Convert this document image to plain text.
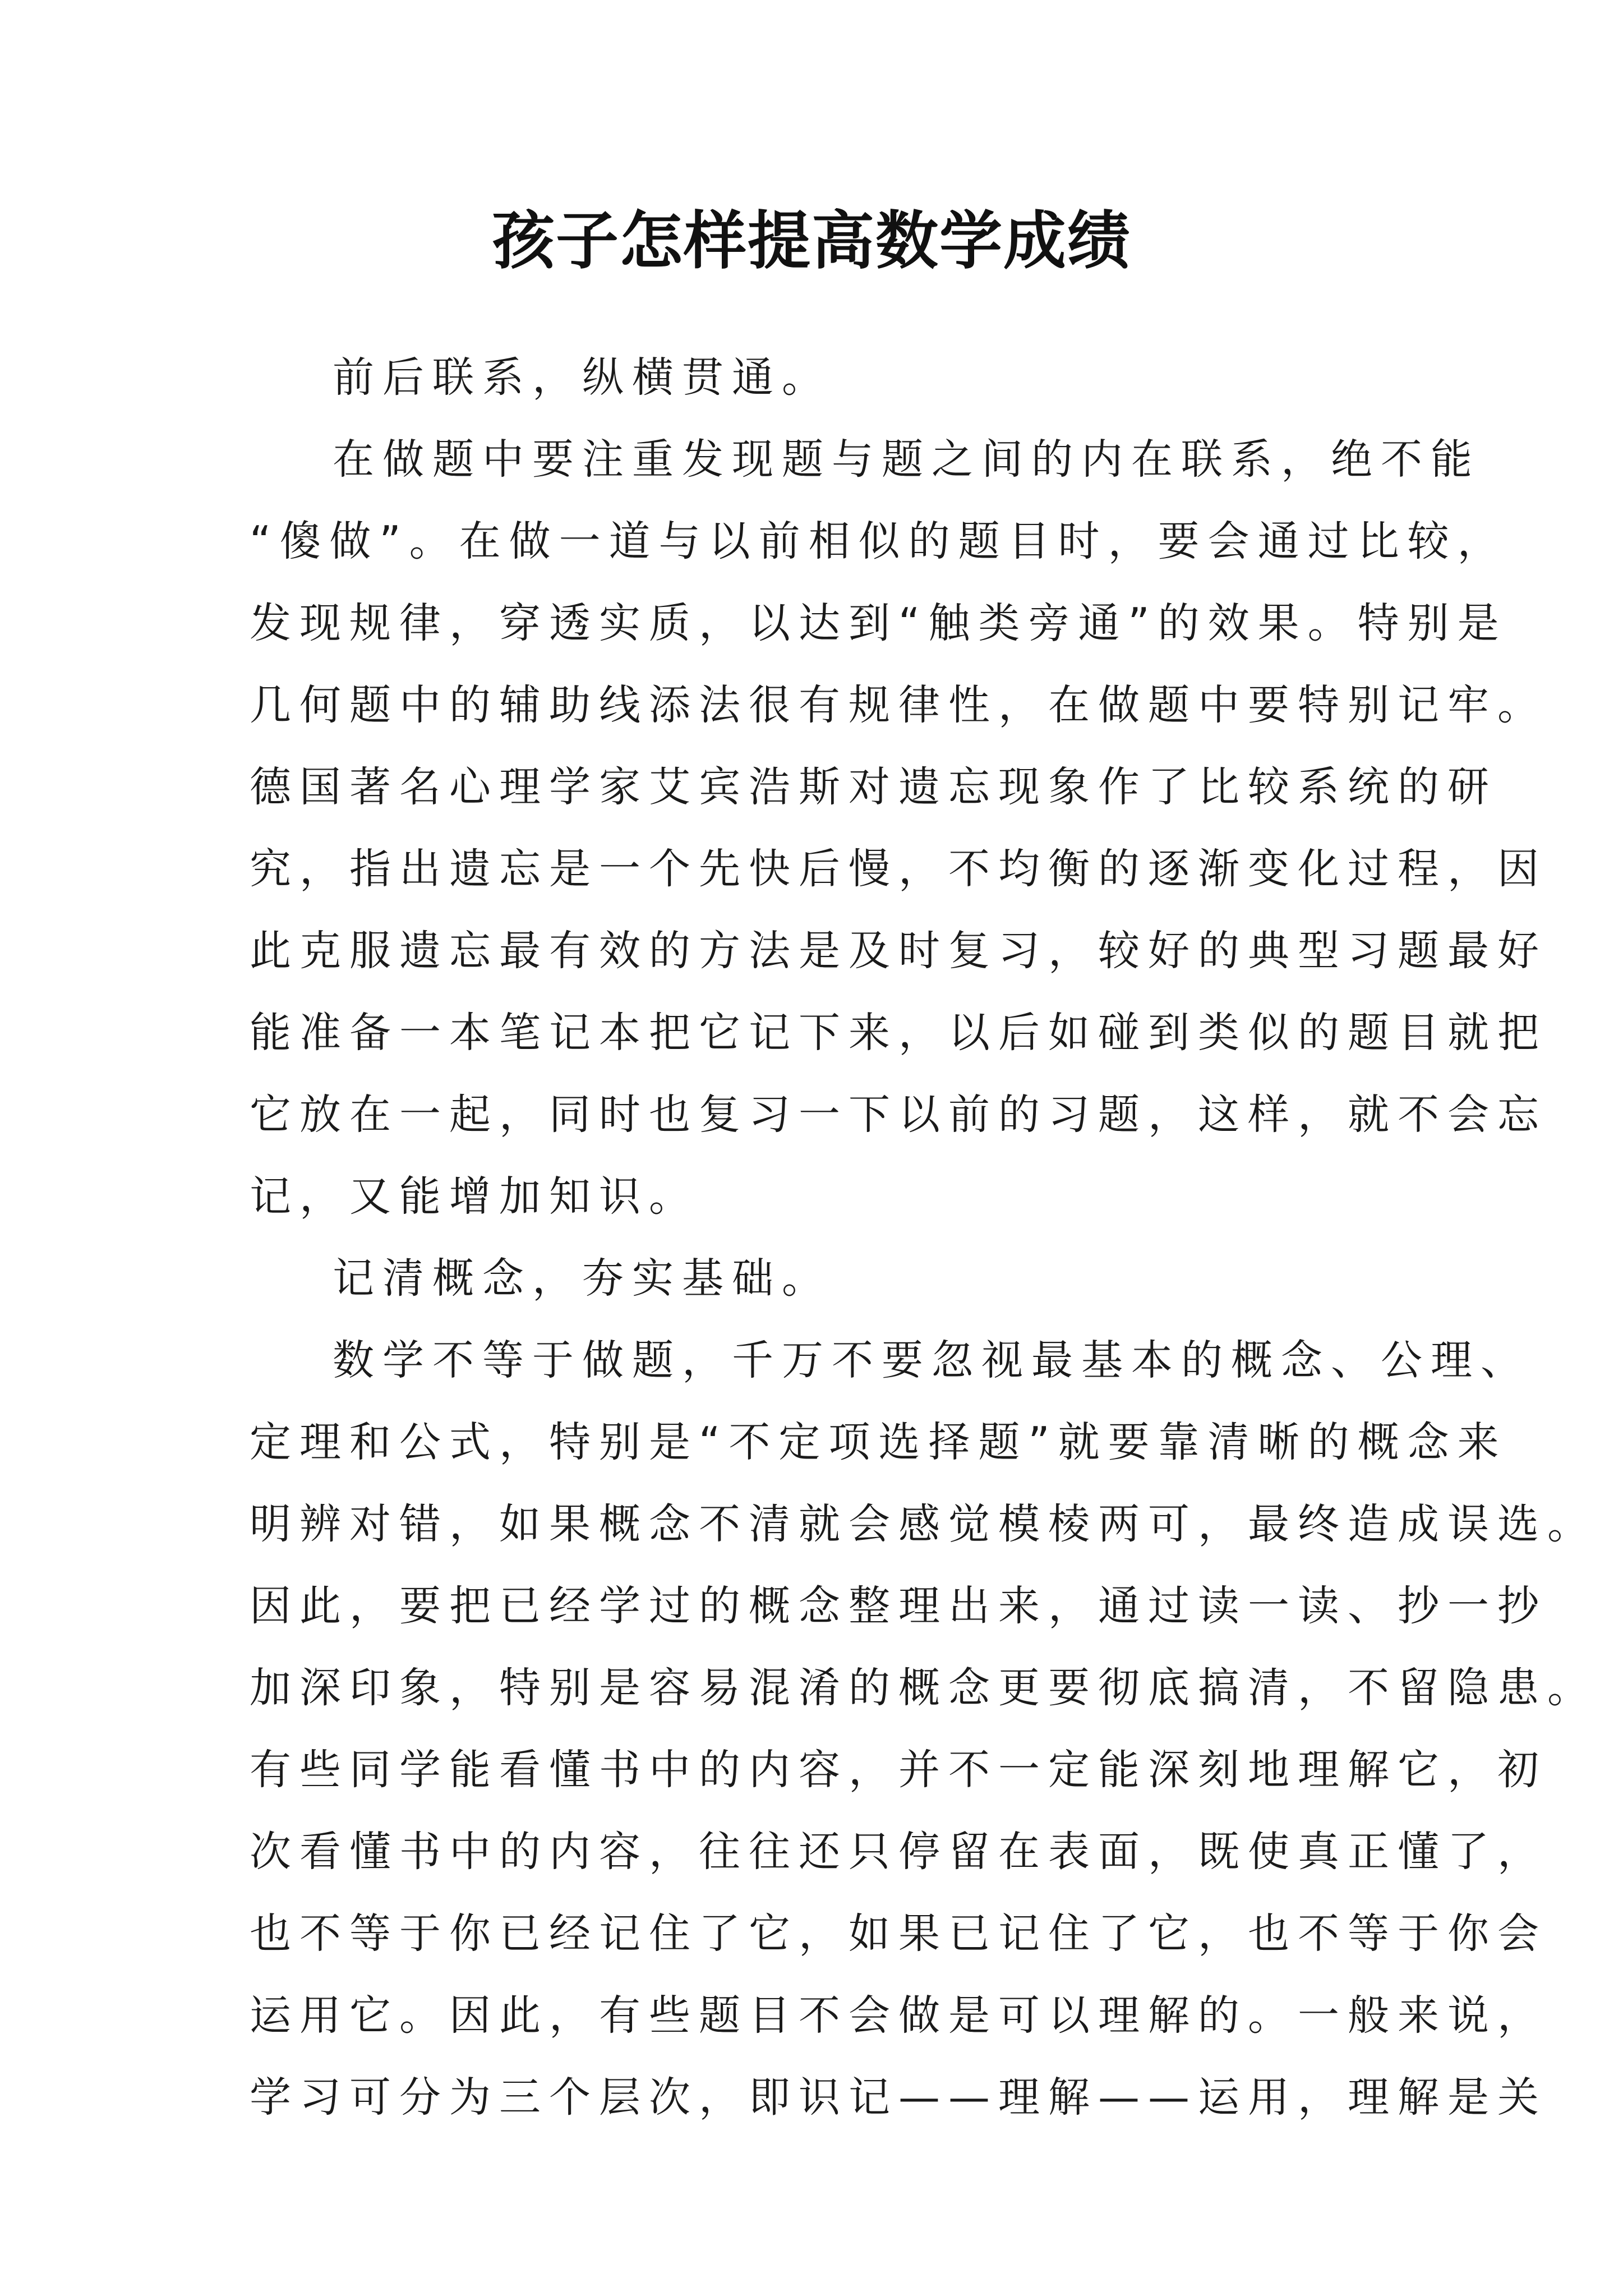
孩子怎样提高数学成绩
前后联系，纵横贯通。
在做题中要注重发现题与题之间的内在联系，绝不能
“傻做”。在做一道与以前相似的题目时，要会通过比较，
发现规律，穿透实质，以达到“触类旁通”的效果。特别是
几何题中的辅助线添法很有规律性，在做题中要特别记牢。
德国著名心理学家艾宾浩斯对遗忘现象作了比较系统的研
究，指出遗忘是一个先快后慢，不均衡的逐渐变化过程，因
此克服遗忘最有效的方法是及时复习，较好的典型习题最好
能准备一本笔记本把它记下来，以后如碰到类似的题目就把
它放在一起，同时也复习一下以前的习题，这样，就不会忘
记，又能增加知识。
记清概念，夯实基础。
数学不等于做题，千万不要忽视最基本的概念、公理、
定理和公式，特别是“不定项选择题”就要靠清晰的概念来
明辨对错，如果概念不清就会感觉模棱两可，最终造成误选。
因此，要把已经学过的概念整理出来，通过读一读、抄一抄
加深印象，特别是容易混淆的概念更要彻底搞清，不留隐患。
有些同学能看懂书中的内容，并不一定能深刻地理解它，初
次看懂书中的内容，往往还只停留在表面，既使真正懂了，
也不等于你已经记住了它，如果已记住了它，也不等于你会
运用它。因此，有些题目不会做是可以理解的。一般来说，
学习可分为三个层次，即识记——理解——运用，理解是关
